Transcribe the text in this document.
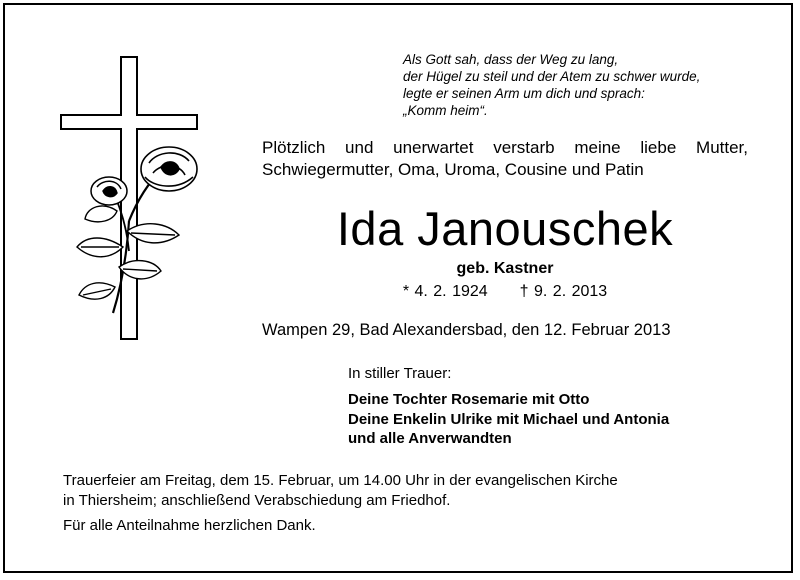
Als Gott sah, dass der Weg zu lang,
der Hügel zu steil und der Atem zu schwer wurde,
legte er seinen Arm um dich und sprach:
„Komm heim“.
Plötzlich und unerwartet verstarb meine liebe Mutter,
Schwiegermutter, Oma, Uroma, Cousine und Patin
Ida Janouschek
geb. Kastner
* 4. 2. 1924 † 9. 2. 2013
Wampen 29, Bad Alexandersbad, den 12. Februar 2013
In stiller Trauer:
Deine Tochter Rosemarie mit Otto
Deine Enkelin Ulrike mit Michael und Antonia
und alle Anverwandten
Trauerfeier am Freitag, dem 15. Februar, um 14.00 Uhr in der evangelischen Kirche
in Thiersheim; anschließend Verabschiedung am Friedhof.
Für alle Anteilnahme herzlichen Dank.
